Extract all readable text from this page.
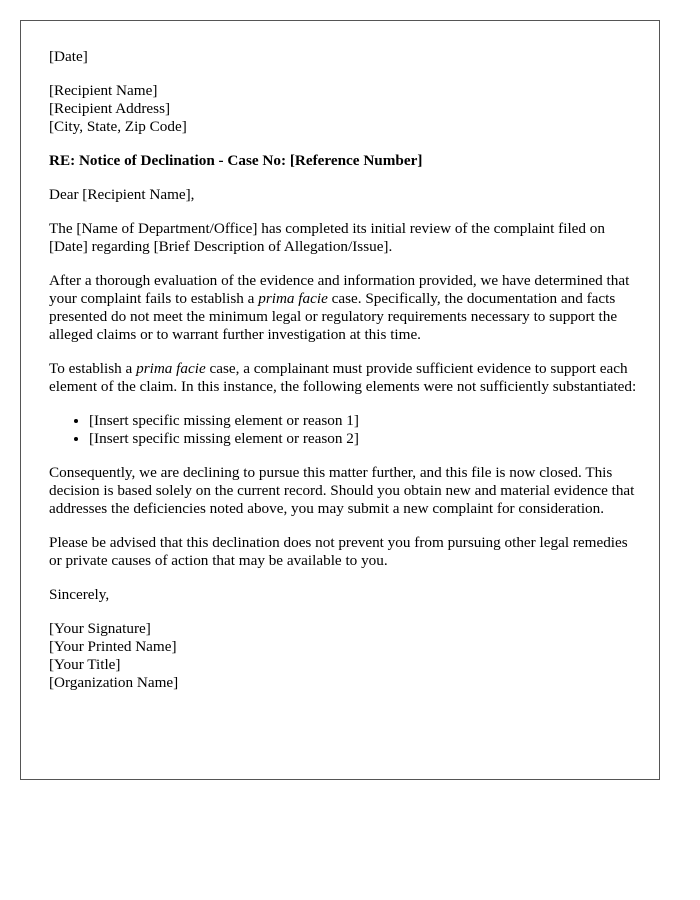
[Date]
[Recipient Name]
[Recipient Address]
[City, State, Zip Code]
RE: Notice of Declination - Case No: [Reference Number]
Dear [Recipient Name],

The [Name of Department/Office] has completed its initial review of the complaint filed on [Date] regarding [Brief Description of Allegation/Issue].

After a thorough evaluation of the evidence and information provided, we have determined that your complaint fails to establish a prima facie case. Specifically, the documentation and facts presented do not meet the minimum legal or regulatory requirements necessary to support the alleged claims or to warrant further investigation at this time.

To establish a prima facie case, a complainant must provide sufficient evidence to support each element of the claim. In this instance, the following elements were not sufficiently substantiated:

• [Insert specific missing element or reason 1]
• [Insert specific missing element or reason 2]

Consequently, we are declining to pursue this matter further, and this file is now closed. This decision is based solely on the current record. Should you obtain new and material evidence that addresses the deficiencies noted above, you may submit a new complaint for consideration.

Please be advised that this declination does not prevent you from pursuing other legal remedies or private causes of action that may be available to you.

Sincerely,
[Your Signature]
[Your Printed Name]
[Your Title]
[Organization Name]
